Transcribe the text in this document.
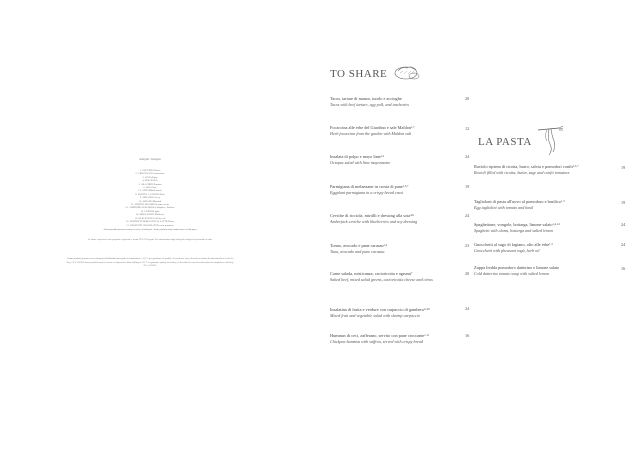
Allergeni / Allergens
1. GLUTINE/Gluten
2. CROSTACEI/Crustaceans
3. UOVA/Eggs
4. PESCE/Fish
5. ARACHIDI/Peanuts
6. SOIA/Soy
7. LATTE/Milk/Lactose
8. FRUTTA A GUSCIO/Nuts
9. SEDANO/Celery
10. SENAPE/Mustard
11. SEMI DI SESAMO/Sesame seeds
12. ANIDRIDE SOLFOROSA/Sulphur / Sulfites
13. LUPINI/Lupin
14. MOLLUSCHI/Molluscs
15. OLIO DI OLIVA/Olive oil
16. PRODOTTI DERIVATI DAL LATTE/Dairy
17. PRODOTTI SURGELATI/Frozen products
Alcuni prodotti possono contenere tracce di allergeni / Some products may contain traces of allergens
Le nostre esperienze sono preparate seguendo le norme HACCP vigenti. Per informazioni sugli allergeni rivolgersi al personale di sala.
Alcuni prodotti possono essere sottoposti all'abbattimento rapido di temperatura a -18 °C per garantirne la qualità e la sicurezza, come descritto nel piano di autocontrollo ai sensi del Reg. CE n. 852/04. Some products may be frozen or subjected to blast chilling at -18 °C to guarantee quality and safety, as described in our self-control plan in compliance with Reg. EC n. 852/04.
TO SHARE
LA PASTA
Tacos, tartare di manzo, tuorlo e acciughe
Tacos with beef tartare, egg yolk, and anchovies
20
Focaccina alle erbe del Giardino e sale Maldon$^{1,7}$
Herb focaccina from the garden with Maldon salt
12
Insalata di polpo e mayo lime$^{14}$
Octopus salad with lime mayonnaise
24
Parmigiana di melanzane in crosta di pane$^{1,3,7}$
Eggplant parmigiana in a crispy bread crust
19
Ceviche di ricciola, mirtilli e dressing alla soia$^{4,6}$
Amberjack ceviche with blueberries and soy dressing
24
Tonno, avocado e pane carasau$^{1,4}$
Tuna, avocado and pane carasau
23
Carne salada, misticanza, cacioricotta e agrumi$^7$
Salted beef, mixed salad greens, cacioricotta cheese and citrus
20
Insalatina di frutta e verdure con carpaccio di gambero$^{2,4,8}$
Mixed fruit and vegetable salad with shrimp carpaccio
24
Hummus di ceci, zafferano, servito con pane croccante$^{1,11}$
Chickpea hummus with saffron, served with crispy bread
16
Raviolo ripieno di ricotta, burro, salvia e pomodori confit$^{1,3,7}$
Ravioli filled with ricotta, butter, sage and confit tomatoes
19
Taglioloni di pasta all'uovo al pomodoro e basilico$^{1,3}$
Egg tagliolini with tomato and basil
19
Spaghettone, vongole, bottarga, limone salato$^{1,4,14}$
Spaghetti with clams, bottarga and salted lemon
24
Gnocchetti al sugo di fagiano, olio alle erbe$^{1,3}$
Gnocchetti with pheasant ragù, herb oil
24
Zuppa fredda pomodoro datterino e limone salato
Cold datterino tomato soup with salted lemon
16
